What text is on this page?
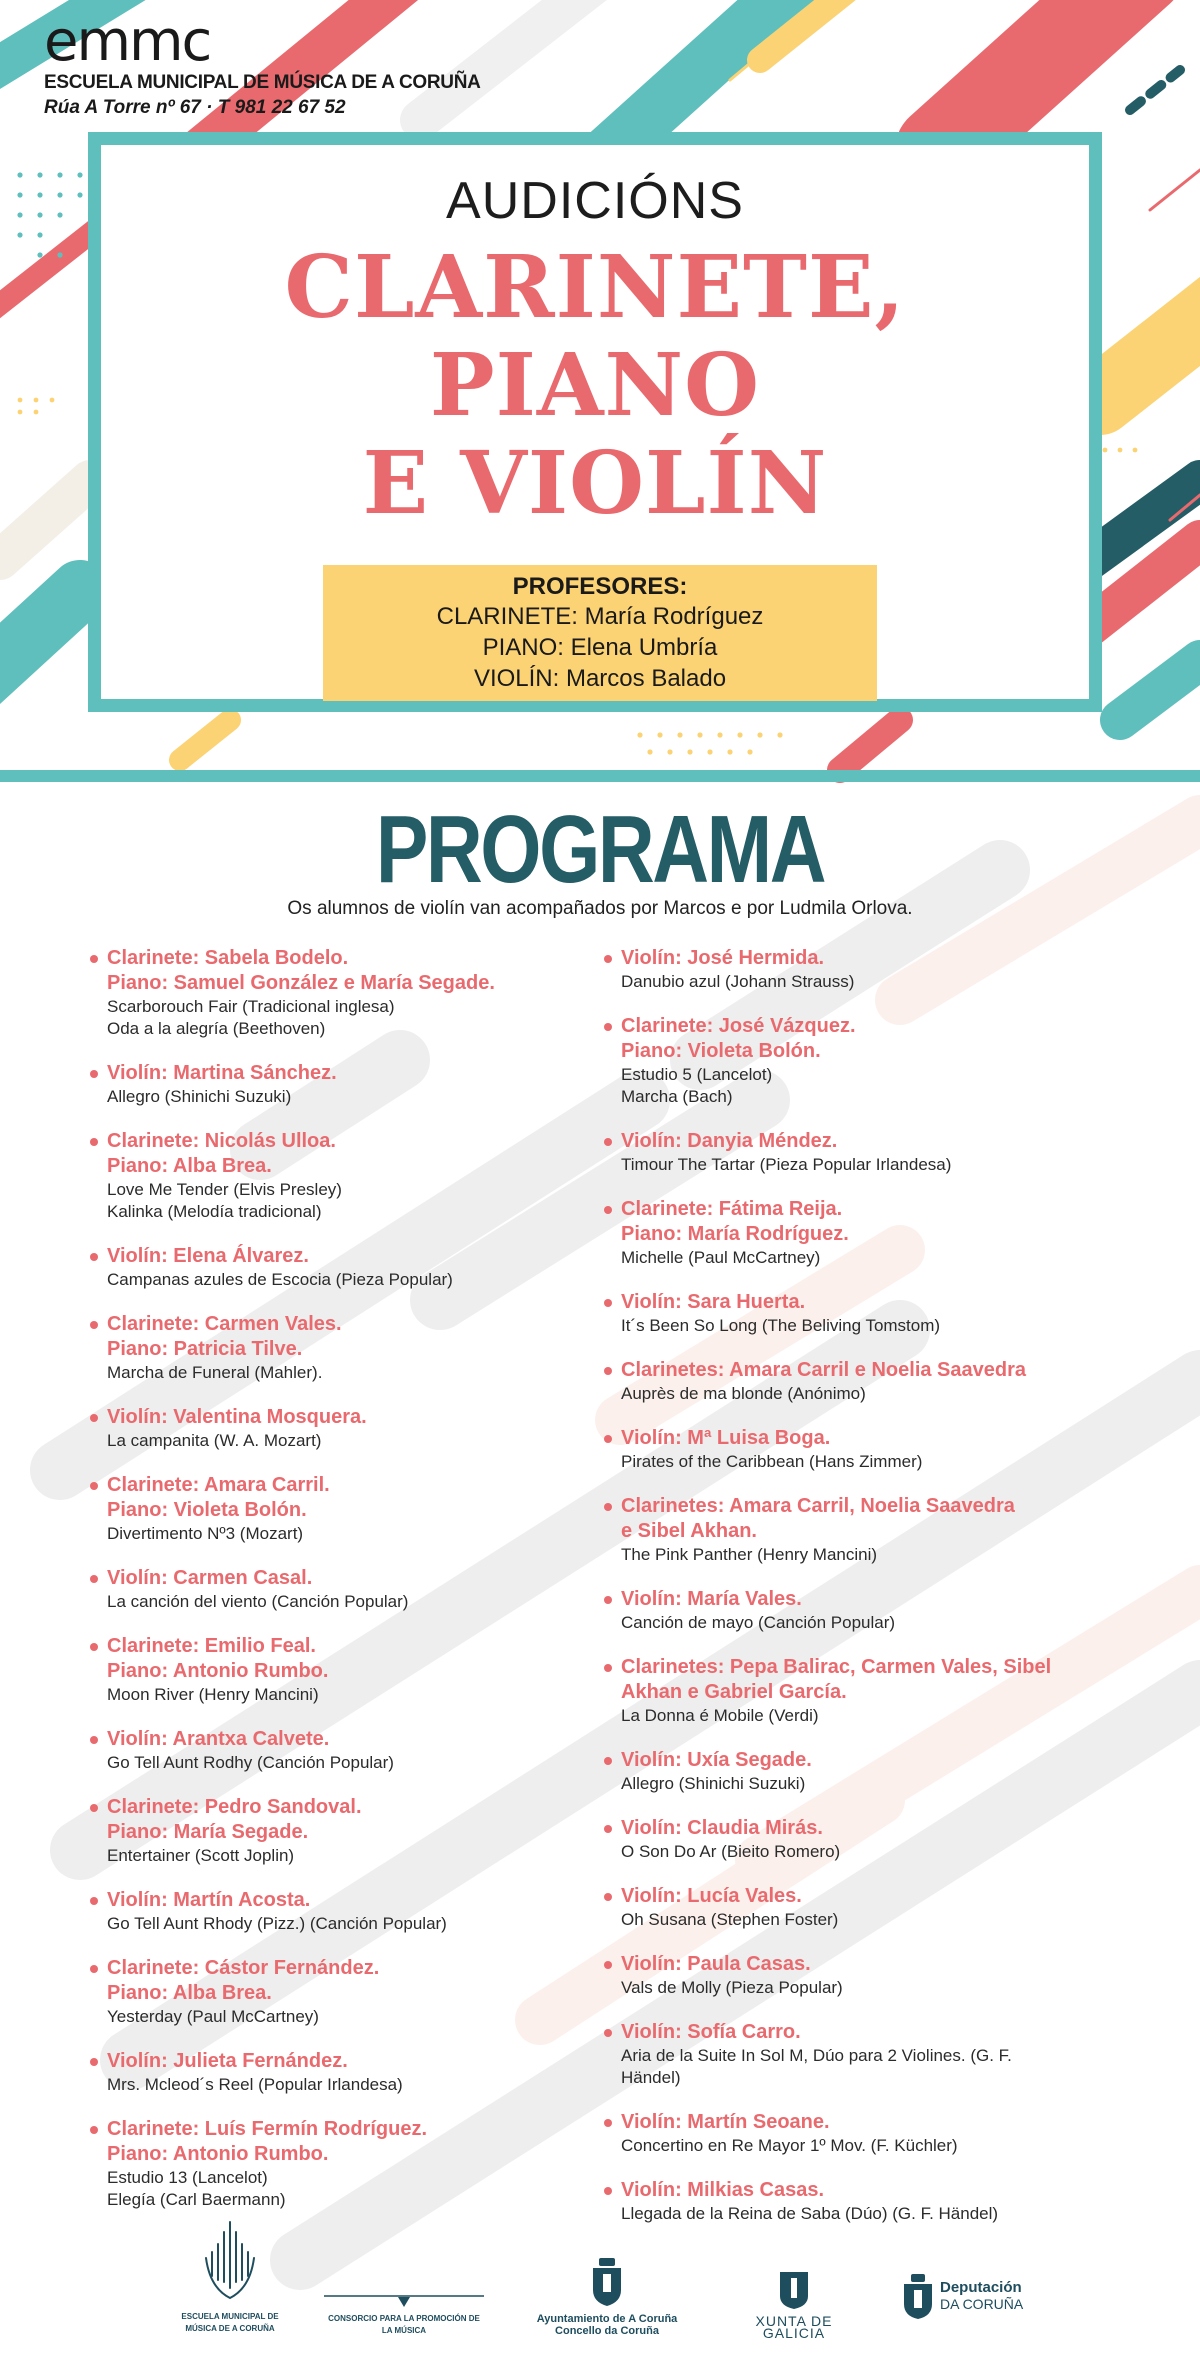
emmc
ESCUELA MUNICIPAL DE MÚSICA DE A CORUÑA
Rúa A Torre nº 67 · T 981 22 67 52
AUDICIÓNS
CLARINETE,
PIANO
E VIOLÍN
PROFESORES:
CLARINETE: María Rodríguez
PIANO: Elena Umbría
VIOLÍN: Marcos Balado
PROGRAMA
Os alumnos de violín van acompañados por Marcos e por Ludmila Orlova.
Clarinete: Sabela Bodelo.
Piano: Samuel González e María Segade.
Scarborouch Fair (Tradicional inglesa)
Oda a la alegría (Beethoven)
Violín: Martina Sánchez.
Allegro (Shinichi Suzuki)
Clarinete: Nicolás Ulloa.
Piano: Alba Brea.
Love Me Tender (Elvis Presley)
Kalinka (Melodía tradicional)
Violín: Elena Álvarez.
Campanas azules de Escocia (Pieza Popular)
Clarinete: Carmen Vales.
Piano: Patricia Tilve.
Marcha de Funeral (Mahler).
Violín: Valentina Mosquera.
La campanita (W. A. Mozart)
Clarinete: Amara Carril.
Piano: Violeta Bolón.
Divertimento Nº3 (Mozart)
Violín: Carmen Casal.
La canción del viento (Canción Popular)
Clarinete: Emilio Feal.
Piano: Antonio Rumbo.
Moon River (Henry Mancini)
Violín: Arantxa Calvete.
Go Tell Aunt Rodhy (Canción Popular)
Clarinete: Pedro Sandoval.
Piano: María Segade.
Entertainer (Scott Joplin)
Violín: Martín Acosta.
Go Tell Aunt Rhody (Pizz.) (Canción Popular)
Clarinete: Cástor Fernández.
Piano: Alba Brea.
Yesterday (Paul McCartney)
Violín: Julieta Fernández.
Mrs. Mcleod´s Reel (Popular Irlandesa)
Clarinete: Luís Fermín Rodríguez.
Piano: Antonio Rumbo.
Estudio 13 (Lancelot)
Elegía (Carl Baermann)
Violín: José Hermida.
Danubio azul (Johann Strauss)
Clarinete: José Vázquez.
Piano: Violeta Bolón.
Estudio 5 (Lancelot)
Marcha (Bach)
Violín: Danyia Méndez.
Timour The Tartar (Pieza Popular Irlandesa)
Clarinete: Fátima Reija.
Piano: María Rodríguez.
Michelle (Paul McCartney)
Violín: Sara Huerta.
It´s Been So Long (The Beliving Tomstom)
Clarinetes: Amara Carril e Noelia Saavedra
Auprès de ma blonde (Anónimo)
Violín: Mª Luisa Boga.
Pirates of the Caribbean (Hans Zimmer)
Clarinetes: Amara Carril, Noelia Saavedra
e Sibel Akhan.
The Pink Panther (Henry Mancini)
Violín: María Vales.
Canción de mayo (Canción Popular)
Clarinetes: Pepa Balirac, Carmen Vales, Sibel
Akhan e Gabriel García.
La Donna é Mobile (Verdi)
Violín: Uxía Segade.
Allegro (Shinichi Suzuki)
Violín: Claudia Mirás.
O Son Do Ar (Bieito Romero)
Violín: Lucía Vales.
Oh Susana (Stephen Foster)
Violín: Paula Casas.
Vals de Molly (Pieza Popular)
Violín: Sofía Carro.
Aria de la Suite In Sol M, Dúo para 2 Violines. (G. F.
Händel)
Violín: Martín Seoane.
Concertino en Re Mayor 1º Mov. (F. Küchler)
Violín: Milkias Casas.
Llegada de la Reina de Saba (Dúo) (G. F. Händel)
ESCUELA MUNICIPAL DE MÚSICA DE A CORUÑA
CONSORCIO PARA LA PROMOCIÓN DE LA MÚSICA
Ayuntamiento de A Coruña
Concello da Coruña
XUNTA DE GALICIA
Deputación
DA CORUÑA
